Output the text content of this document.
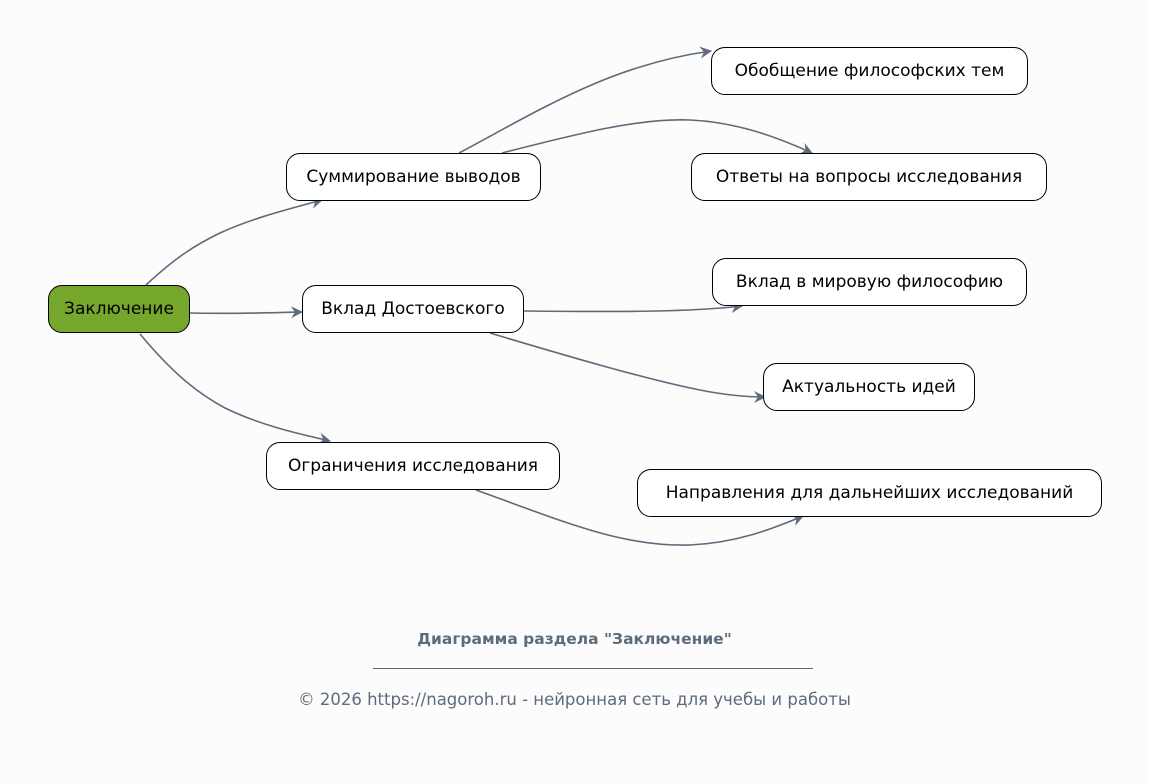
Заключение
Суммирование выводов
Вклад Достоевского
Ограничения исследования
Обобщение философских тем
Ответы на вопросы исследования
Вклад в мировую философию
Актуальность идей
Направления для дальнейших исследований
Диаграмма раздела "Заключение"
© 2026 https://nagoroh.ru - нейронная сеть для учебы и работы
